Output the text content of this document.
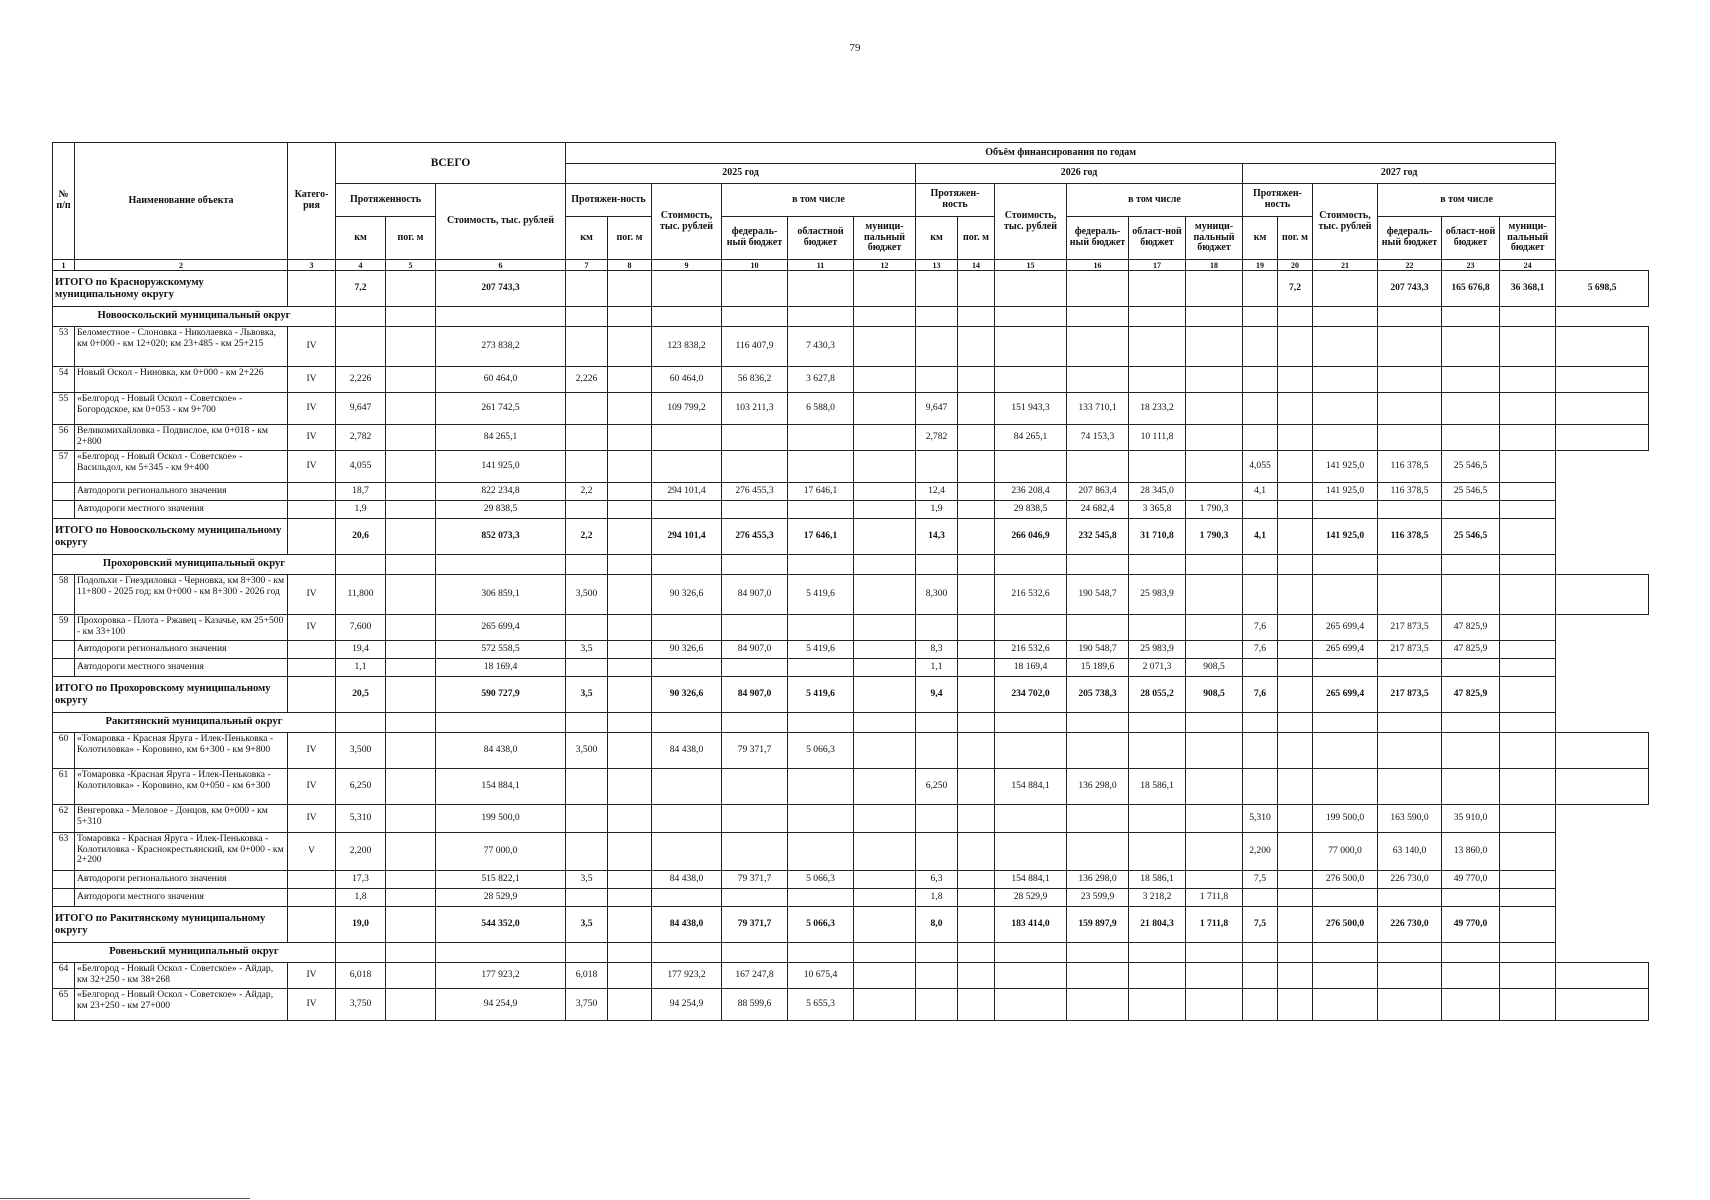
79
№ п/п	Наименование объекта	Катего-рия	ВСЕГО			Объём финансирования по годам																		
						2025 год						2026 год						2027 год						
			Протяженность		Стоимость, тыс. рублей	Протяжен-ность		Стоимость, тыс. рублей	в том числе			Протяжен-ность		Стоимость, тыс. рублей	в том числе			Протяжен-ность		Стоимость, тыс. рублей	в том числе			
			км	пог. м		км	пог. м		федераль-ный бюджет	областной бюджет	муници-пальный бюджет	км	пог. м		федераль-ный бюджет	област-ной бюджет	муници-пальный бюджет	км	пог. м		федераль-ный бюджет	област-ной бюджет	муници-пальный бюджет	
1	2	3	4	5	6	7	8	9	10	11	12	13	14	15	16	17	18	19	20	21	22	23	24	
ИТОГО по Красноружскомуму муниципальному округу			7,2		207 743,3														7,2		207 743,3	165 676,8	36 368,1	5 698,5
Новооскольский муниципальный округ																								
53	Беломестное - Слоновка - Николаевка - Львовка, км 0+000 - км 12+020; км 23+485 - км 25+215	IV			273 838,2			123 838,2	116 407,9	7 430,3														
54	Новый Оскол - Ниновка, км 0+000 - км 2+226	IV	2,226		60 464,0	2,226		60 464,0	56 836,2	3 627,8														
55	«Белгород - Новый Оскол - Советское» - Богородское, км 0+053 - км 9+700	IV	9,647		261 742,5			109 799,2	103 211,3	6 588,0		9,647		151 943,3	133 710,1	18 233,2								
56	Великомихайловка - Подвислое, км 0+018 - км 2+800	IV	2,782		84 265,1							2,782		84 265,1	74 153,3	10 111,8								
57	«Белгород - Новый Оскол - Советское» - Васильдол, км 5+345 - км 9+400	IV	4,055		141 925,0													4,055		141 925,0	116 378,5	25 546,5		
	Автодороги регионального значения		18,7		822 234,8	2,2		294 101,4	276 455,3	17 646,1		12,4		236 208,4	207 863,4	28 345,0		4,1		141 925,0	116 378,5	25 546,5		
	Автодороги местного значения		1,9		29 838,5							1,9		29 838,5	24 682,4	3 365,8	1 790,3							
ИТОГО по Новооскольскому муниципальному округу			20,6		852 073,3	2,2		294 101,4	276 455,3	17 646,1		14,3		266 046,9	232 545,8	31 710,8	1 790,3	4,1		141 925,0	116 378,5	25 546,5		
Прохоровский муниципальный округ																								
58	Подольхи - Гнездиловка - Черновка, км 8+300 - км 11+800 - 2025 год; км 0+000 - км 8+300 - 2026 год	IV	11,800		306 859,1	3,500		90 326,6	84 907,0	5 419,6		8,300		216 532,6	190 548,7	25 983,9								
59	Прохоровка - Плота - Ржавец - Казачье, км 25+500 - км 33+100	IV	7,600		265 699,4													7,6		265 699,4	217 873,5	47 825,9		
	Автодороги регионального значения		19,4		572 558,5	3,5		90 326,6	84 907,0	5 419,6		8,3		216 532,6	190 548,7	25 983,9		7,6		265 699,4	217 873,5	47 825,9		
	Автодороги местного значения		1,1		18 169,4							1,1		18 169,4	15 189,6	2 071,3	908,5							
ИТОГО по Прохоровскому муниципальному округу			20,5		590 727,9	3,5		90 326,6	84 907,0	5 419,6		9,4		234 702,0	205 738,3	28 055,2	908,5	7,6		265 699,4	217 873,5	47 825,9		
Ракитянский муниципальный округ																								
60	«Томаровка - Красная Яруга - Илек-Пеньковка - Колотиловка» - Коровино, км 6+300 - км 9+800	IV	3,500		84 438,0	3,500		84 438,0	79 371,7	5 066,3														
61	«Томаровка -Красная Яруга - Илек-Пеньковка - Колотиловка» - Коровино, км 0+050 - км 6+300	IV	6,250		154 884,1							6,250		154 884,1	136 298,0	18 586,1								
62	Венгеровка - Меловое - Донцов, км 0+000 - км 5+310	IV	5,310		199 500,0													5,310		199 500,0	163 590,0	35 910,0		
63	Томаровка - Красная Яруга - Илек-Пеньковка - Колотиловка - Краснокрестьянский, км 0+000 - км 2+200	V	2,200		77 000,0													2,200		77 000,0	63 140,0	13 860,0		
	Автодороги регионального значения		17,3		515 822,1	3,5		84 438,0	79 371,7	5 066,3		6,3		154 884,1	136 298,0	18 586,1		7,5		276 500,0	226 730,0	49 770,0		
	Автодороги местного значения		1,8		28 529,9							1,8		28 529,9	23 599,9	3 218,2	1 711,8							
ИТОГО по Ракитянскому муниципальному округу			19,0		544 352,0	3,5		84 438,0	79 371,7	5 066,3		8,0		183 414,0	159 897,9	21 804,3	1 711,8	7,5		276 500,0	226 730,0	49 770,0		
Ровеньский муниципальный округ																								
64	«Белгород - Новый Оскол - Советское» - Айдар, км 32+250 - км 38+268	IV	6,018		177 923,2	6,018		177 923,2	167 247,8	10 675,4														
65	«Белгород - Новый Оскол - Советское» - Айдар, км 23+250 - км 27+000	IV	3,750		94 254,9	3,750		94 254,9	88 599,6	5 655,3														
